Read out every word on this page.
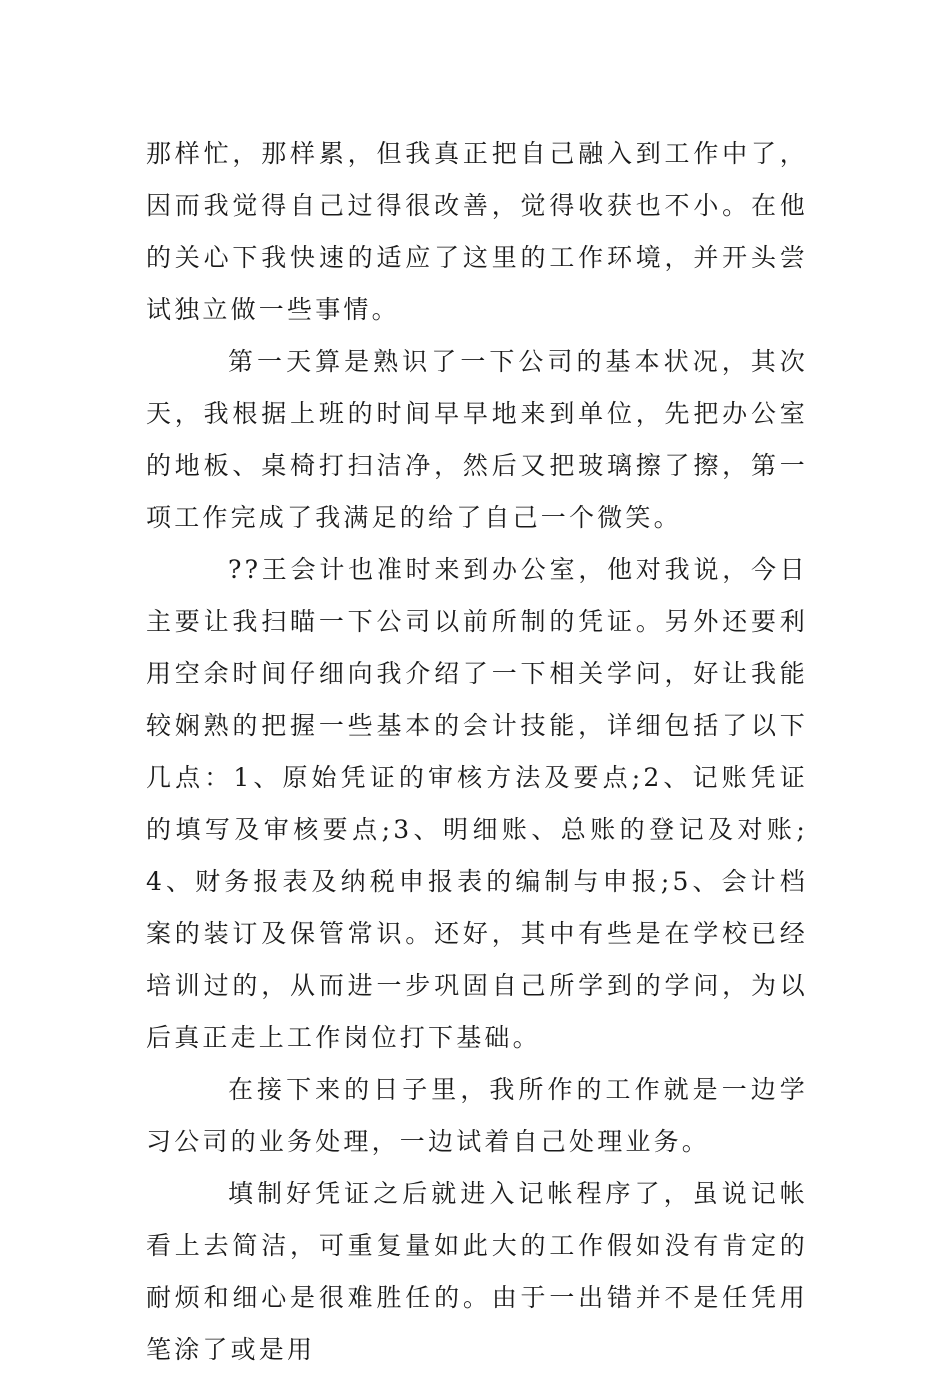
那样忙，那样累，但我真正把自己融入到工作中了，因而我觉得自己过得很改善，觉得收获也不小。在他的关心下我快速的适应了这里的工作环境，并开头尝试独立做一些事情。

第一天算是熟识了一下公司的基本状况，其次天，我根据上班的时间早早地来到单位，先把办公室的地板、桌椅打扫洁净，然后又把玻璃擦了擦，第一项工作完成了我满足的给了自己一个微笑。

??王会计也准时来到办公室，他对我说，今日主要让我扫瞄一下公司以前所制的凭证。另外还要利用空余时间仔细向我介绍了一下相关学问，好让我能较娴熟的把握一些基本的会计技能，详细包括了以下几点：1、原始凭证的审核方法及要点;2、记账凭证的填写及审核要点;3、明细账、总账的登记及对账;4、财务报表及纳税申报表的编制与申报;5、会计档案的装订及保管常识。还好，其中有些是在学校已经培训过的，从而进一步巩固自己所学到的学问，为以后真正走上工作岗位打下基础。

在接下来的日子里，我所作的工作就是一边学习公司的业务处理，一边试着自己处理业务。

填制好凭证之后就进入记帐程序了，虽说记帐看上去简洁，可重复量如此大的工作假如没有肯定的耐烦和细心是很难胜任的。由于一出错并不是任凭用笔涂了或是用
